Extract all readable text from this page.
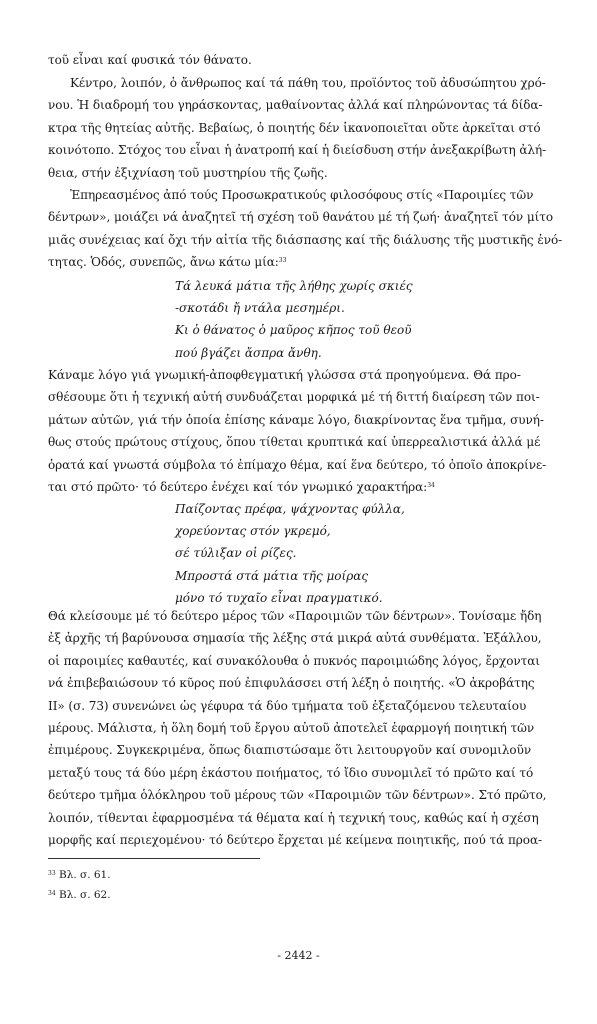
τοῦ εἶναι καί φυσικά τόν θάνατο.
Κέντρο, λοιπόν, ὁ ἄνθρωπος καί τά πάθη του, προϊόντος τοῦ ἀδυσώπητου χρό-
νου. Ἡ διαδρομή του γηράσκοντας, μαθαίνοντας ἀλλά καί πληρώνοντας τά δίδα-
κτρα τῆς θητείας αὐτῆς. Βεβαίως, ὁ ποιητής δέν ἱκανοποιεῖται οὔτε ἀρκεῖται στό
κοινότοπο. Στόχος του εἶναι ἡ ἀνατροπή καί ἡ διείσδυση στήν ἀνεξακρίβωτη ἀλή-
θεια, στήν ἐξιχνίαση τοῦ μυστηρίου τῆς ζωῆς.
Ἐπηρεασμένος ἀπό τούς Προσωκρατικούς φιλοσόφους στίς «Παροιμίες τῶν
δέντρων», μοιάζει νά ἀναζητεῖ τή σχέση τοῦ θανάτου μέ τή ζωή· ἀναζητεῖ τόν μίτο
μιᾶς συνέχειας καί ὄχι τήν αἰτία τῆς διάσπασης καί τῆς διάλυσης τῆς μυστικῆς ἑνό-
τητας. Ὁδός, συνεπῶς, ἄνω κάτω μία:$^{33}$
Τά λευκά μάτια τῆς λήθης χωρίς σκιές
-σκοτάδι ἤ ντάλα μεσημέρι.
Κι ὁ θάνατος ὁ μαῦρος κῆπος τοῦ θεοῦ
πού βγάζει ἄσπρα ἄνθη.
Κάναμε λόγο γιά γνωμική-ἀποφθεγματική γλώσσα στά προηγούμενα. Θά προ-
σθέσουμε ὅτι ἡ τεχνική αὐτή συνδυάζεται μορφικά μέ τή διττή διαίρεση τῶν ποι-
μάτων αὐτῶν, γιά τήν ὁποία ἐπίσης κάναμε λόγο, διακρίνοντας ἕνα τμῆμα, συνή-
θως στούς πρώτους στίχους, ὅπου τίθεται κρυπτικά καί ὑπερρεαλιστικά ἀλλά μέ
ὁρατά καί γνωστά σύμβολα τό ἐπίμαχο θέμα, καί ἕνα δεύτερο, τό ὁποῖο ἀποκρίνε-
ται στό πρῶτο· τό δεύτερο ἐνέχει καί τόν γνωμικό χαρακτήρα:$^{34}$
Παίζοντας πρέφα, ψάχνοντας φύλλα,
χορεύοντας στόν γκρεμό,
σέ τύλιξαν οἱ ρίζες.
Μπροστά στά μάτια τῆς μοίρας
μόνο τό τυχαῖο εἶναι πραγματικό.
Θά κλείσουμε μέ τό δεύτερο μέρος τῶν «Παροιμιῶν τῶν δέντρων». Τονίσαμε ἤδη
ἐξ ἀρχῆς τή βαρύνουσα σημασία τῆς λέξης στά μικρά αὐτά συνθέματα. Ἐξάλλου,
οἱ παροιμίες καθαυτές, καί συνακόλουθα ὁ πυκνός παροιμιώδης λόγος, ἔρχονται
νά ἐπιβεβαιώσουν τό κῦρος πού ἐπιφυλάσσει στή λέξη ὁ ποιητής. «Ὁ ἀκροβάτης
ΙΙ» (σ. 73) συνενώνει ὡς γέφυρα τά δύο τμήματα τοῦ ἐξεταζόμενου τελευταίου
μέρους. Μάλιστα, ἡ ὅλη δομή τοῦ ἔργου αὐτοῦ ἀποτελεῖ ἐφαρμογή ποιητική τῶν
ἐπιμέρους. Συγκεκριμένα, ὅπως διαπιστώσαμε ὅτι λειτουργοῦν καί συνομιλοῦν
μεταξύ τους τά δύο μέρη ἑκάστου ποιήματος, τό ἴδιο συνομιλεῖ τό πρῶτο καί τό
δεύτερο τμῆμα ὁλόκληρου τοῦ μέρους τῶν «Παροιμιῶν τῶν δέντρων». Στό πρῶτο,
λοιπόν, τίθενται ἐφαρμοσμένα τά θέματα καί ἡ τεχνική τους, καθώς καί ἡ σχέση
μορφῆς καί περιεχομένου· τό δεύτερο ἔρχεται μέ κείμενα ποιητικῆς, πού τά προα-
$^{33}$ Βλ. σ. 61.
$^{34}$ Βλ. σ. 62.
- 2442 -
